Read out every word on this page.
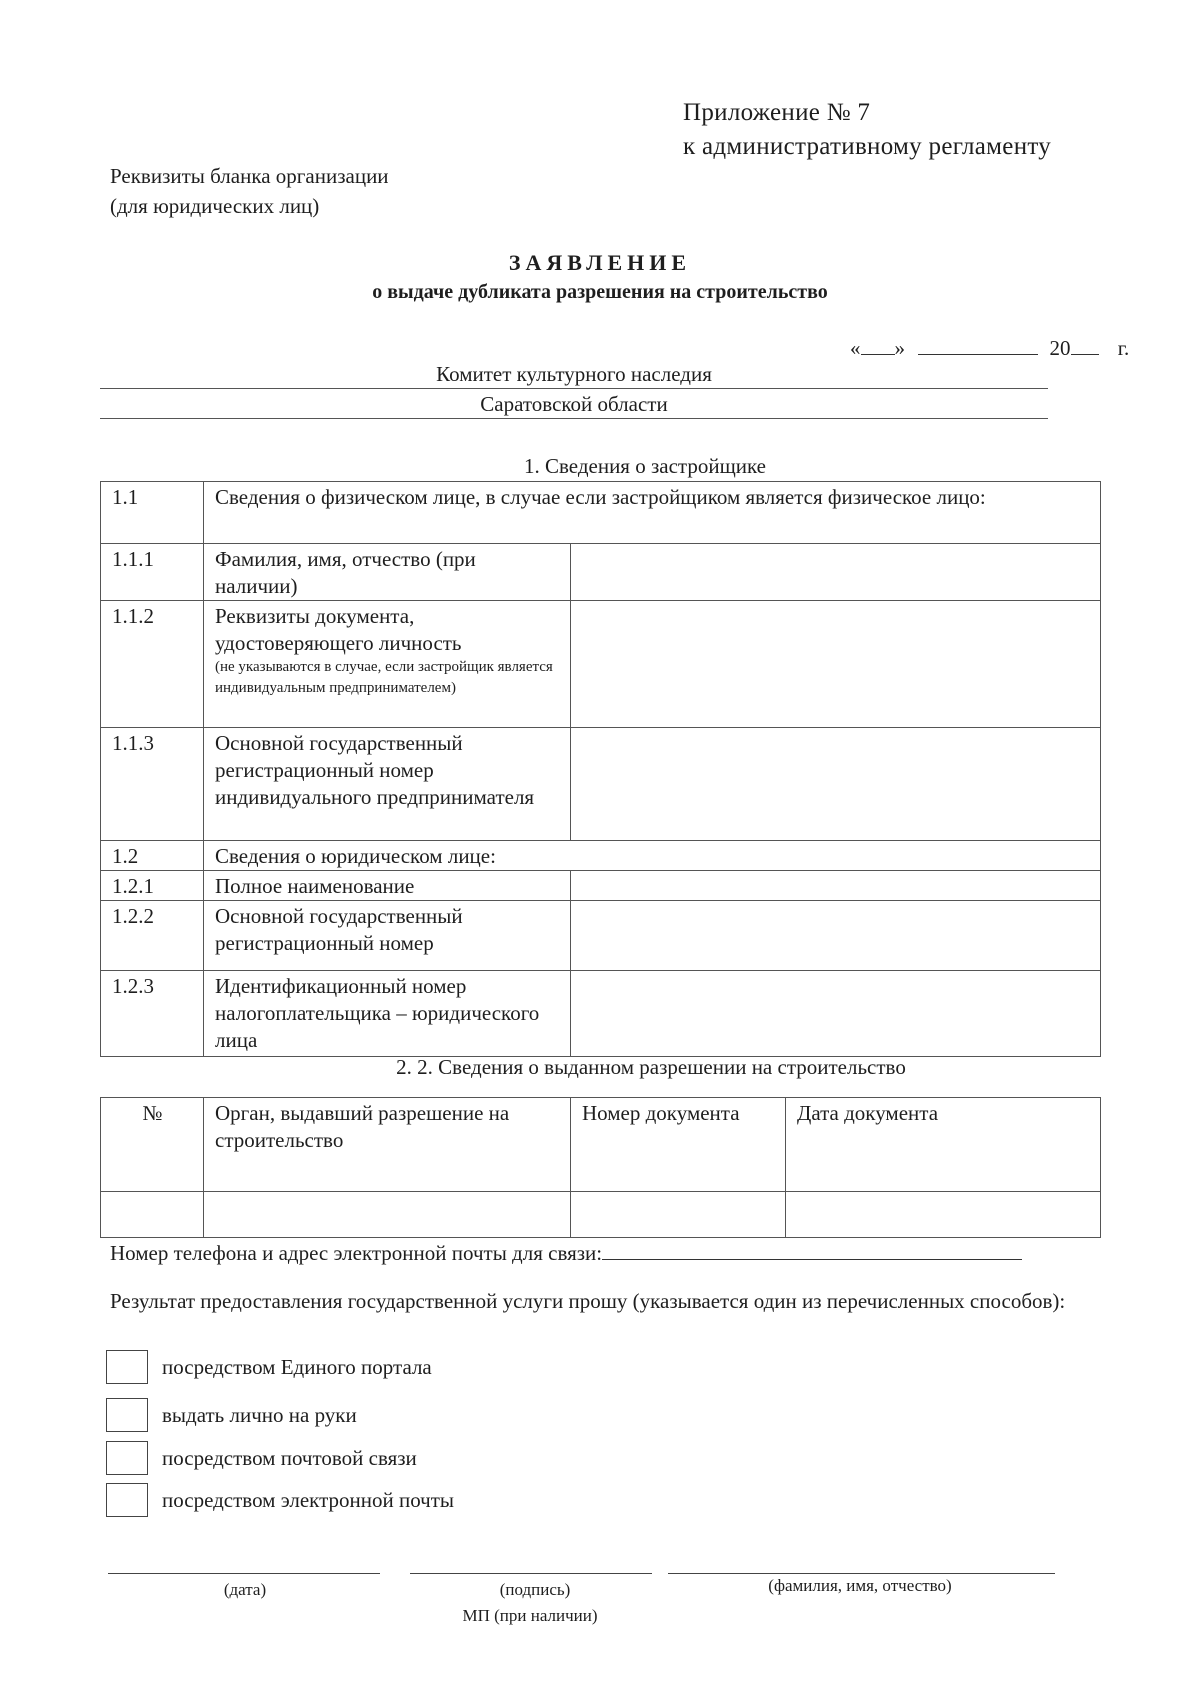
Приложение № 7
к административному регламенту
Реквизиты бланка организации
(для юридических лиц)
ЗАЯВЛЕНИЕ
о выдаче дубликата разрешения на строительство
« »	20 г.
Комитет культурного наследия
Саратовской области
1. Сведения о застройщике
1.1	Сведения о физическом лице, в случае если застройщиком является физическое лицо:	
1.1.1	Фамилия, имя, отчество (при наличии)	
1.1.2	Реквизиты документа, удостоверяющего личность
(не указываются в случае, если застройщик является индивидуальным предпринимателем)	

1.1.3	Основной государственный регистрационный номер индивидуального предпринимателя	
1.2	Сведения о юридическом лице:	
1.2.1	Полное наименование	
1.2.2	Основной государственный регистрационный номер	
1.2.3	Идентификационный номер налогоплательщика – юридического лица	
2. 2. Сведения о выданном разрешении на строительство
№	Орган, выдавший разрешение на строительство	Номер документа	Дата документа

Номер телефона и адрес электронной почты для связи:
Результат предоставления государственной услуги прошу (указывается один из перечисленных способов):
посредством Единого портала
выдать лично на руки
посредством почтовой связи
посредством электронной почты
(дата)	(подпись)	(фамилия, имя, отчество)
МП (при наличии)
